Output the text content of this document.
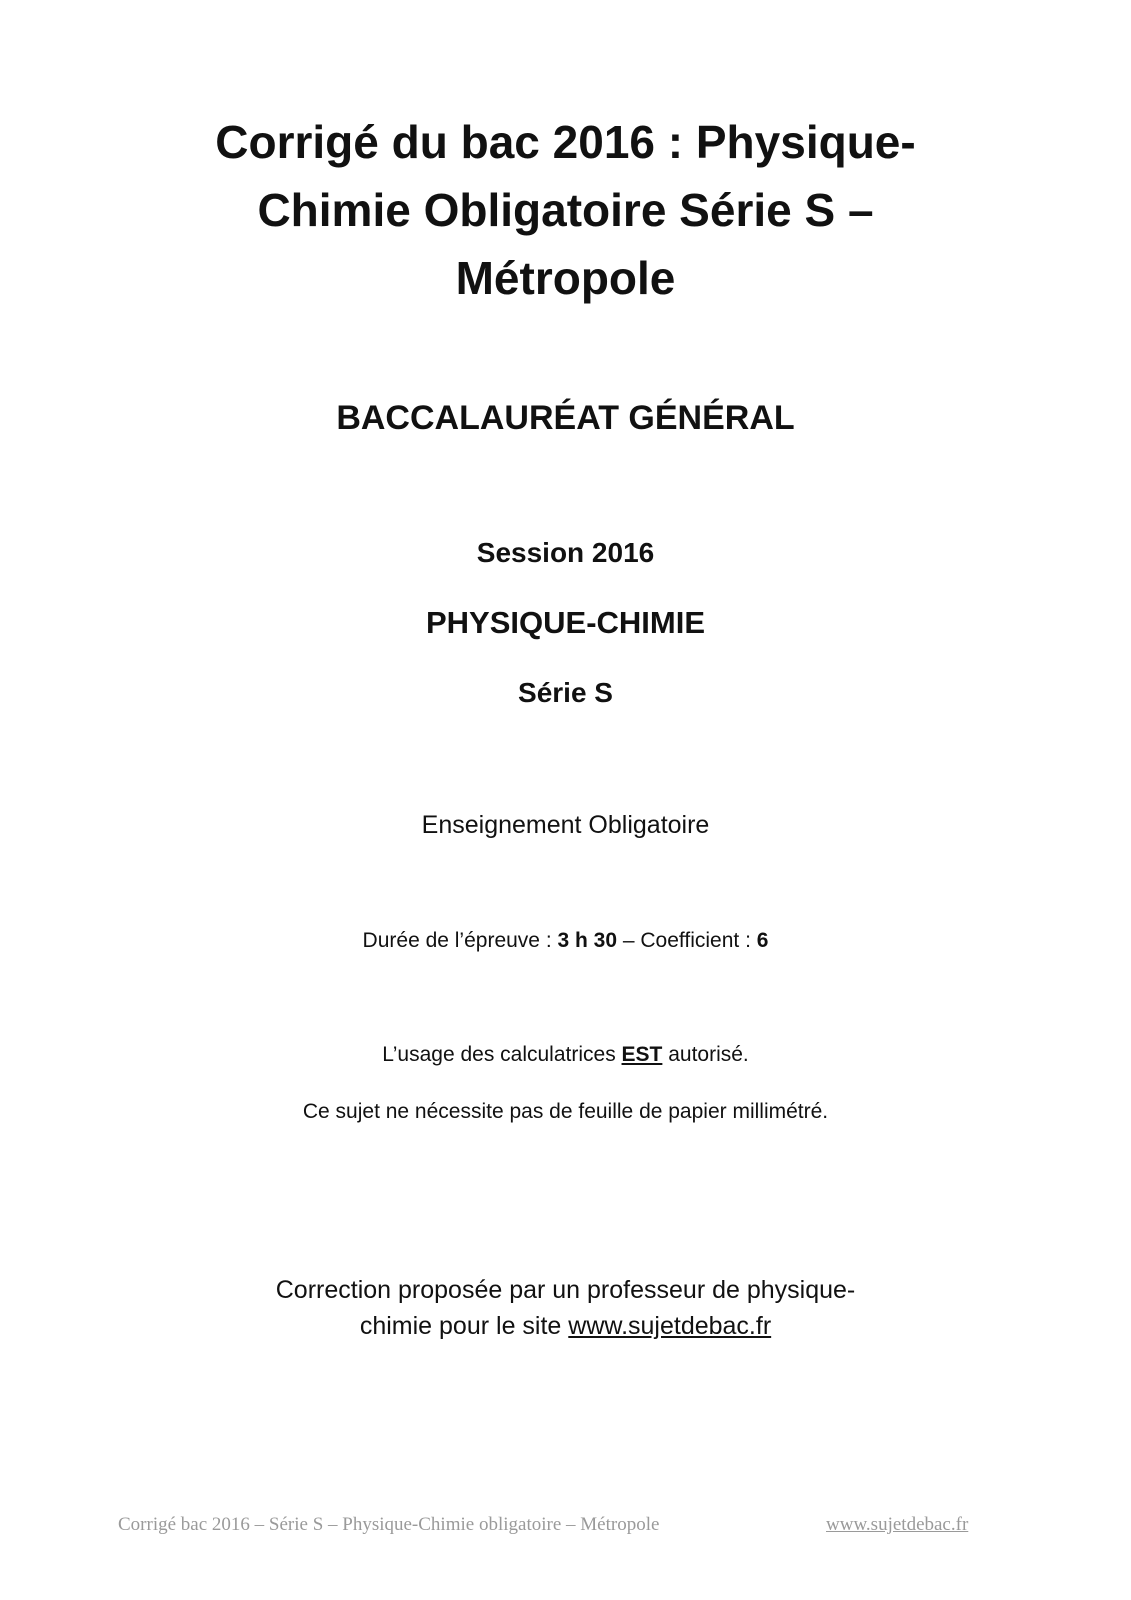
Corrigé du bac 2016 : Physique-
Chimie Obligatoire Série S –
Métropole
BACCALAURÉAT GÉNÉRAL
Session 2016
PHYSIQUE-CHIMIE
Série S
Enseignement Obligatoire
Durée de l’épreuve : 3 h 30 – Coefficient : 6
L’usage des calculatrices EST autorisé.
Ce sujet ne nécessite pas de feuille de papier millimétré.
Correction proposée par un professeur de physique-
chimie pour le site www.sujetdebac.fr
Corrigé bac 2016 – Série S – Physique-Chimie obligatoire – Métropole	www.sujetdebac.fr
